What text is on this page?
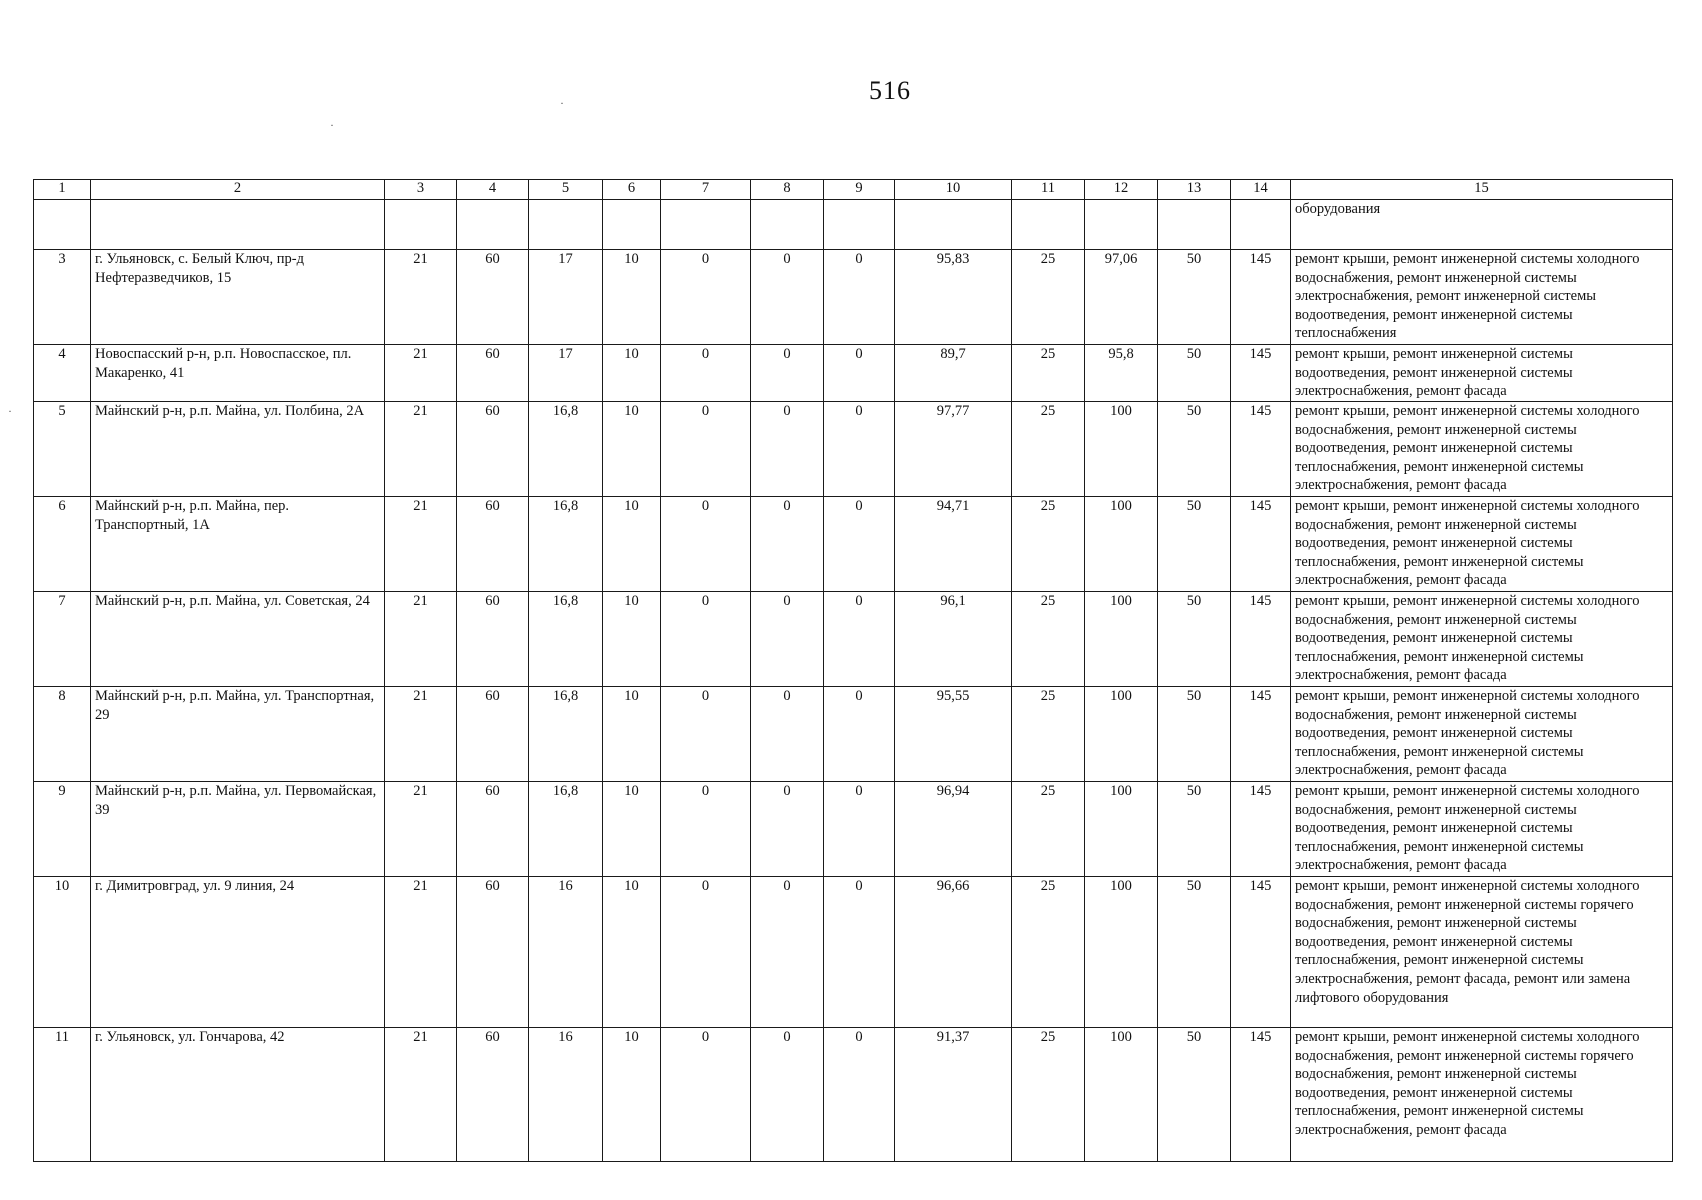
516
·
·
·
1	2	3	4	5	6	7	8	9	10	11	12	13	14	15
														оборудования
3	г. Ульяновск, с. Белый Ключ, пр-д Нефтеразведчиков, 15	21	60	17	10	0	0	0	95,83	25	97,06	50	145	ремонт крыши, ремонт инженерной системы холодного водоснабжения, ремонт инженерной системы электроснабжения, ремонт инженерной системы водоотведения, ремонт инженерной системы теплоснабжения
4	Новоспасский р-н, р.п. Новоспасское, пл. Макаренко, 41	21	60	17	10	0	0	0	89,7	25	95,8	50	145	ремонт крыши, ремонт инженерной системы водоотведения, ремонт инженерной системы электроснабжения, ремонт фасада
5	Майнский р-н, р.п. Майна, ул. Полбина, 2А	21	60	16,8	10	0	0	0	97,77	25	100	50	145	ремонт крыши, ремонт инженерной системы холодного водоснабжения, ремонт инженерной системы водоотведения, ремонт инженерной системы теплоснабжения, ремонт инженерной системы электроснабжения, ремонт фасада
6	Майнский р-н, р.п. Майна, пер. Транспортный, 1А	21	60	16,8	10	0	0	0	94,71	25	100	50	145	ремонт крыши, ремонт инженерной системы холодного водоснабжения, ремонт инженерной системы водоотведения, ремонт инженерной системы теплоснабжения, ремонт инженерной системы электроснабжения, ремонт фасада
7	Майнский р-н, р.п. Майна, ул. Советская, 24	21	60	16,8	10	0	0	0	96,1	25	100	50	145	ремонт крыши, ремонт инженерной системы холодного водоснабжения, ремонт инженерной системы водоотведения, ремонт инженерной системы теплоснабжения, ремонт инженерной системы электроснабжения, ремонт фасада
8	Майнский р-н, р.п. Майна, ул. Транспортная, 29	21	60	16,8	10	0	0	0	95,55	25	100	50	145	ремонт крыши, ремонт инженерной системы холодного водоснабжения, ремонт инженерной системы водоотведения, ремонт инженерной системы теплоснабжения, ремонт инженерной системы электроснабжения, ремонт фасада
9	Майнский р-н, р.п. Майна, ул. Первомайская, 39	21	60	16,8	10	0	0	0	96,94	25	100	50	145	ремонт крыши, ремонт инженерной системы холодного водоснабжения, ремонт инженерной системы водоотведения, ремонт инженерной системы теплоснабжения, ремонт инженерной системы электроснабжения, ремонт фасада
10	г. Димитровград, ул. 9 линия, 24	21	60	16	10	0	0	0	96,66	25	100	50	145	ремонт крыши, ремонт инженерной системы холодного водоснабжения, ремонт инженерной системы горячего водоснабжения, ремонт инженерной системы водоотведения, ремонт инженерной системы теплоснабжения, ремонт инженерной системы электроснабжения, ремонт фасада, ремонт или замена лифтового оборудования
11	г. Ульяновск, ул. Гончарова, 42	21	60	16	10	0	0	0	91,37	25	100	50	145	ремонт крыши, ремонт инженерной системы холодного водоснабжения, ремонт инженерной системы горячего водоснабжения, ремонт инженерной системы водоотведения, ремонт инженерной системы теплоснабжения, ремонт инженерной системы электроснабжения, ремонт фасада
